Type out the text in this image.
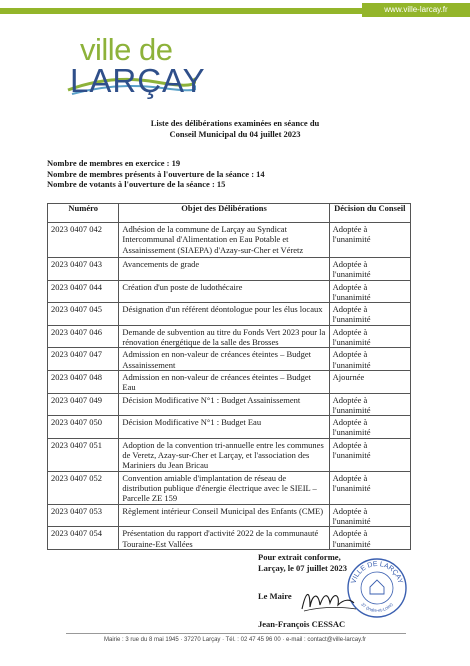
www.ville-larcay.fr
ville de
LARÇAY
Liste des délibérations examinées en séance du
Conseil Municipal du 04 juillet 2023
Nombre de membres en exercice : 19
Nombre de membres présents à l'ouverture de la séance : 14
Nombre de votants à l'ouverture de la séance : 15
Numéro	Objet des Délibérations	Décision du Conseil
2023 0407 042	Adhésion de la commune de Larçay au Syndicat Intercommunal d'Alimentation en Eau Potable et Assainissement (SIAEPA) d'Azay-sur-Cher et Véretz	Adoptée à l'unanimité
2023 0407 043	Avancements de grade	Adoptée à l'unanimité
2023 0407 044	Création d'un poste de ludothécaire	Adoptée à l'unanimité
2023 0407 045	Désignation d'un référent déontologue pour les élus locaux	Adoptée à l'unanimité
2023 0407 046	Demande de subvention au titre du Fonds Vert 2023 pour la rénovation énergétique de la salle des Brosses	Adoptée à l'unanimité
2023 0407 047	Admission en non-valeur de créances éteintes – Budget Assainissement	Adoptée à l'unanimité
2023 0407 048	Admission en non-valeur de créances éteintes – Budget Eau	Ajournée
2023 0407 049	Décision Modificative N°1 : Budget Assainissement	Adoptée à l'unanimité
2023 0407 050	Décision Modificative N°1 : Budget Eau	Adoptée à l'unanimité
2023 0407 051	Adoption de la convention tri-annuelle entre les communes de Veretz, Azay-sur-Cher et Larçay, et l'association des Mariniers du Jean Bricau	Adoptée à l'unanimité
2023 0407 052	Convention amiable d'implantation de réseau de distribution publique d'énergie électrique avec le SIEIL – Parcelle ZE 159	Adoptée à l'unanimité
2023 0407 053	Règlement intérieur Conseil Municipal des Enfants (CME)	Adoptée à l'unanimité
2023 0407 054	Présentation du rapport d'activité 2022 de la communauté Touraine-Est Vallées	Adoptée à l'unanimité
Pour extrait conforme,
Larçay, le 07 juillet 2023
VILLE DE LARÇAY
37 (Indre-et-Loire)
Le Maire
Jean-François CESSAC
Mairie : 3 rue du 8 mai 1945 · 37270 Larçay · Tél. : 02 47 45 96 00 · e-mail : contact@ville-larcay.fr
